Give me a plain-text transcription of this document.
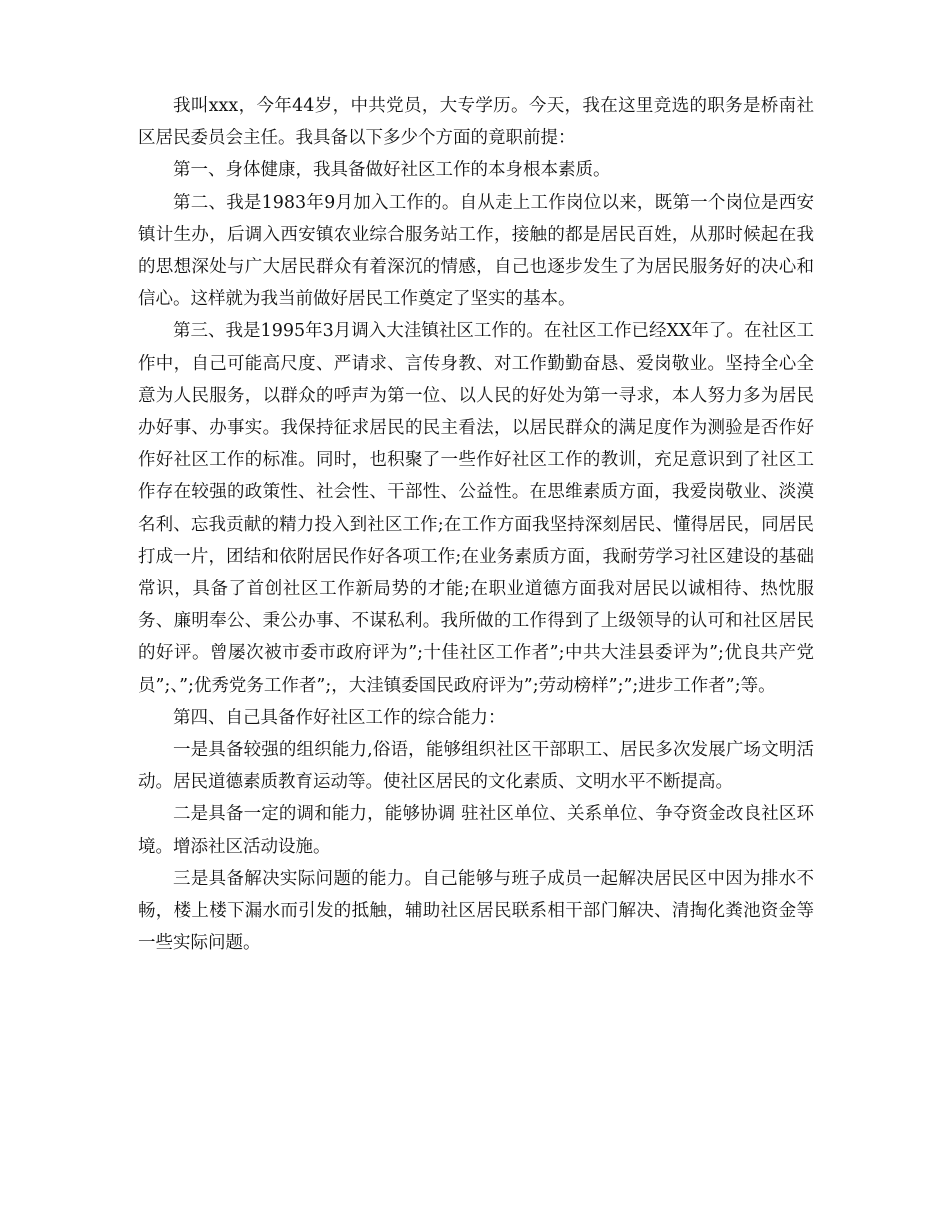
我叫xxx，今年44岁，中共党员，大专学历。今天，我在这里竞选的职务是桥南社区居民委员会主任。我具备以下多少个方面的竟职前提：

第一、身体健康，我具备做好社区工作的本身根本素质。

第二、我是1983年9月加入工作的。自从走上工作岗位以来，既第一个岗位是西安镇计生办，后调入西安镇农业综合服务站工作，接触的都是居民百姓，从那时候起在我的思想深处与广大居民群众有着深沉的情感，自己也逐步发生了为居民服务好的决心和信心。这样就为我当前做好居民工作奠定了坚实的基本。

第三、我是1995年3月调入大洼镇社区工作的。在社区工作已经XX年了。在社区工作中，自己可能高尺度、严请求、言传身教、对工作勤勤奋恳、爱岗敬业。坚持全心全意为人民服务，以群众的呼声为第一位、以人民的好处为第一寻求，本人努力多为居民办好事、办事实。我保持征求居民的民主看法，以居民群众的满足度作为测验是否作好作好社区工作的标准。同时，也积聚了一些作好社区工作的教训，充足意识到了社区工作存在较强的政策性、社会性、干部性、公益性。在思维素质方面，我爱岗敬业、淡漠名利、忘我贡献的精力投入到社区工作;在工作方面我坚持深刻居民、懂得居民，同居民打成一片，团结和依附居民作好各项工作;在业务素质方面，我耐劳学习社区建设的基础常识，具备了首创社区工作新局势的才能;在职业道德方面我对居民以诚相待、热忱服务、廉明奉公、秉公办事、不谋私利。我所做的工作得到了上级领导的认可和社区居民的好评。曾屡次被市委市政府评为”;十佳社区工作者”;中共大洼县委评为”;优良共产党员”;、”;优秀党务工作者”;，大洼镇委国民政府评为”;劳动榜样”;”;进步工作者”;等。

第四、自己具备作好社区工作的综合能力：

一是具备较强的组织能力,俗语，能够组织社区干部职工、居民多次发展广场文明活动。居民道德素质教育运动等。使社区居民的文化素质、文明水平不断提高。

二是具备一定的调和能力，能够协调 驻社区单位、关系单位、争夺资金改良社区环境。增添社区活动设施。

三是具备解决实际问题的能力。自己能够与班子成员一起解决居民区中因为排水不畅，楼上楼下漏水而引发的抵触，辅助社区居民联系相干部门解决、清掏化粪池资金等一些实际问题。
